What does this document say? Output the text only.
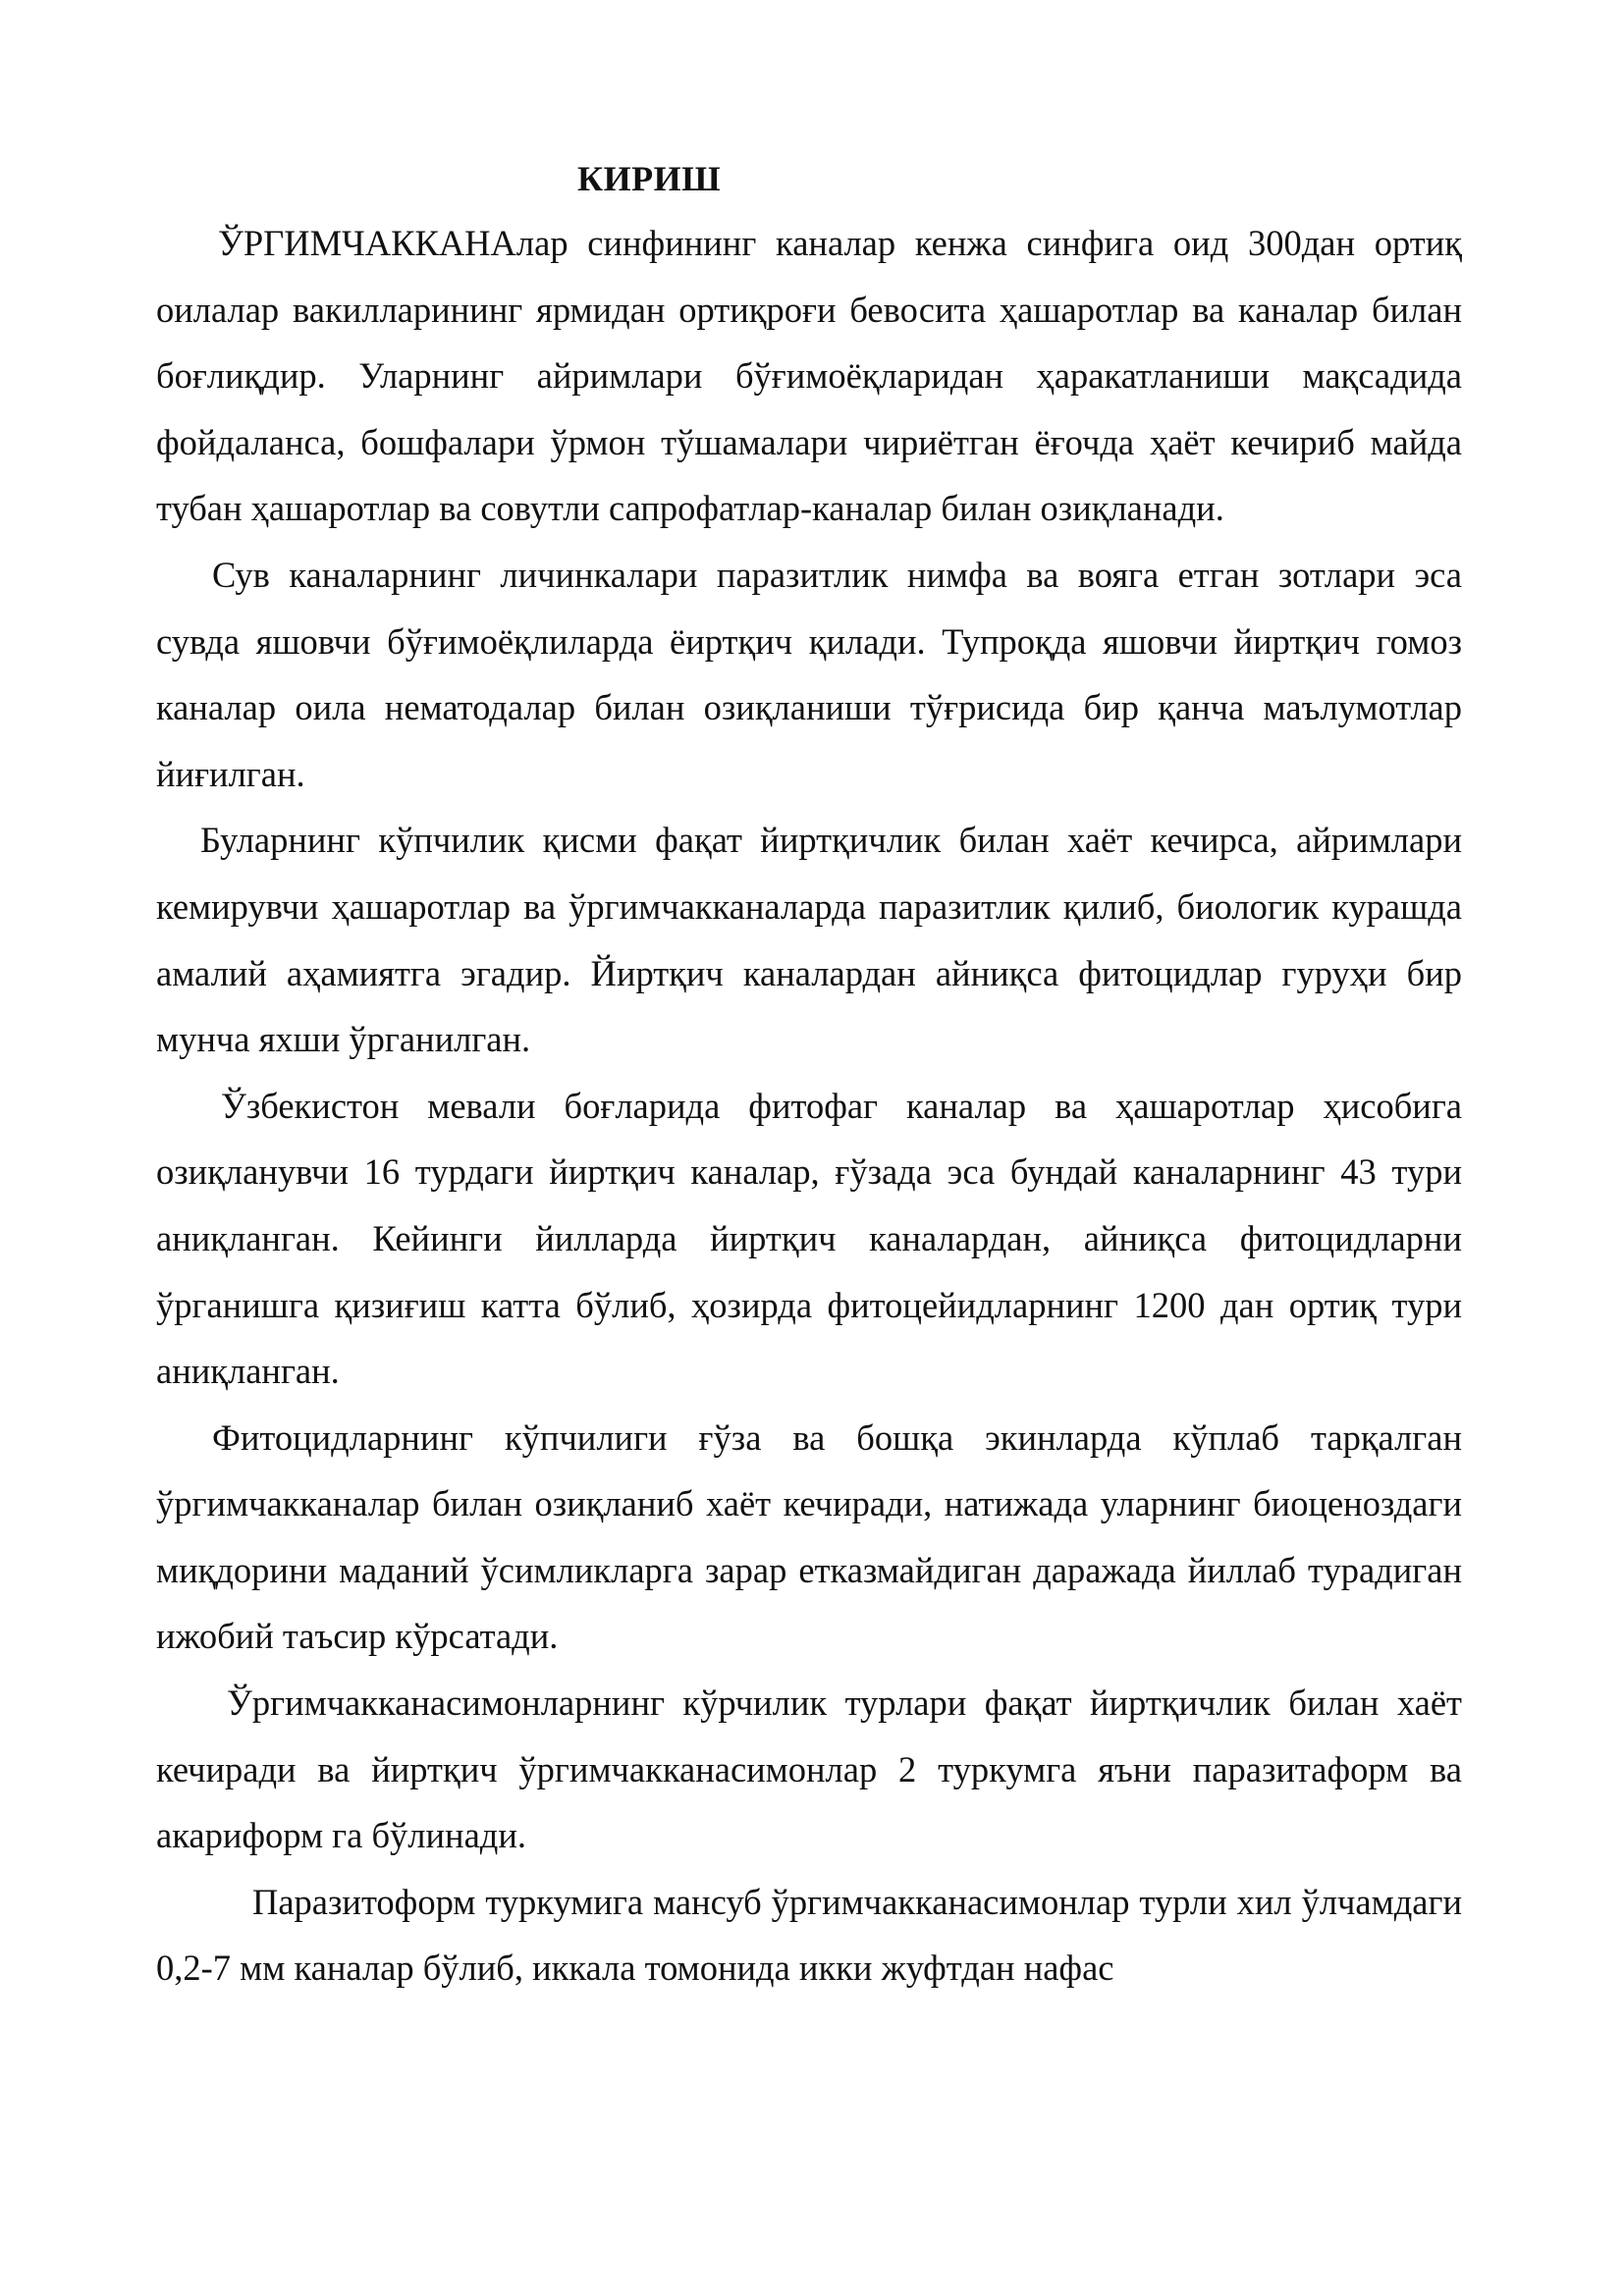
КИРИШ

ЎРГИМЧАККАНАлар синфининг каналар кенжа синфига оид 300дан ортиқ оилалар вакилларининг ярмидан ортиқроғи бевосита ҳашаротлар ва каналар билан боғлиқдир. Уларнинг айримлари бўғимоёқларидан ҳаракатланиши мақсадида фойдаланса, бошфалари ўрмон тўшамалари чириётган ёғочда ҳаёт кечириб майда тубан ҳашаротлар ва совутли сапрофатлар-каналар билан озиқланади.

Сув каналарнинг личинкалари паразитлик нимфа ва вояга етган зотлари эса сувда яшовчи бўғимоёқлиларда ёиртқич қилади. Тупроқда яшовчи йиртқич гомоз каналар оила нематодалар билан озиқланиши тўғрисида бир қанча маълумотлар йиғилган.

Буларнинг кўпчилик қисми фақат йиртқичлик билан хаёт кечирса, айримлари кемирувчи ҳашаротлар ва ўргимчакканаларда паразитлик қилиб, биологик курашда амалий аҳамиятга эгадир. Йиртқич каналардан айниқса фитоцидлар гуруҳи бир мунча яхши ўрганилган.

Ўзбекистон мевали боғларида фитофаг каналар ва ҳашаротлар ҳисобига озиқланувчи 16 турдаги йиртқич каналар, ғўзада эса бундай каналарнинг 43 тури аниқланган. Кейинги йилларда йиртқич каналардан, айниқса фитоцидларни ўрганишга қизиғиш катта бўлиб, ҳозирда фитоцейидларнинг 1200 дан ортиқ тури аниқланган.

Фитоцидларнинг кўпчилиги ғўза ва бошқа экинларда кўплаб тарқалган ўргимчакканалар билан озиқланиб хаёт кечиради, натижада уларнинг биоценоздаги миқдорини маданий ўсимликларга зарар етказмайдиган даражада йиллаб турадиган ижобий таъсир кўрсатади.

Ўргимчакканасимонларнинг кўрчилик турлари фақат йиртқичлик билан хаёт кечиради ва йиртқич ўргимчакканасимонлар 2 туркумга яъни паразитаформ ва акариформ га бўлинади.

Паразитоформ туркумига мансуб ўргимчакканасимонлар турли хил ўлчамдаги 0,2-7 мм каналар бўлиб, иккала томонида икки жуфтдан нафас
